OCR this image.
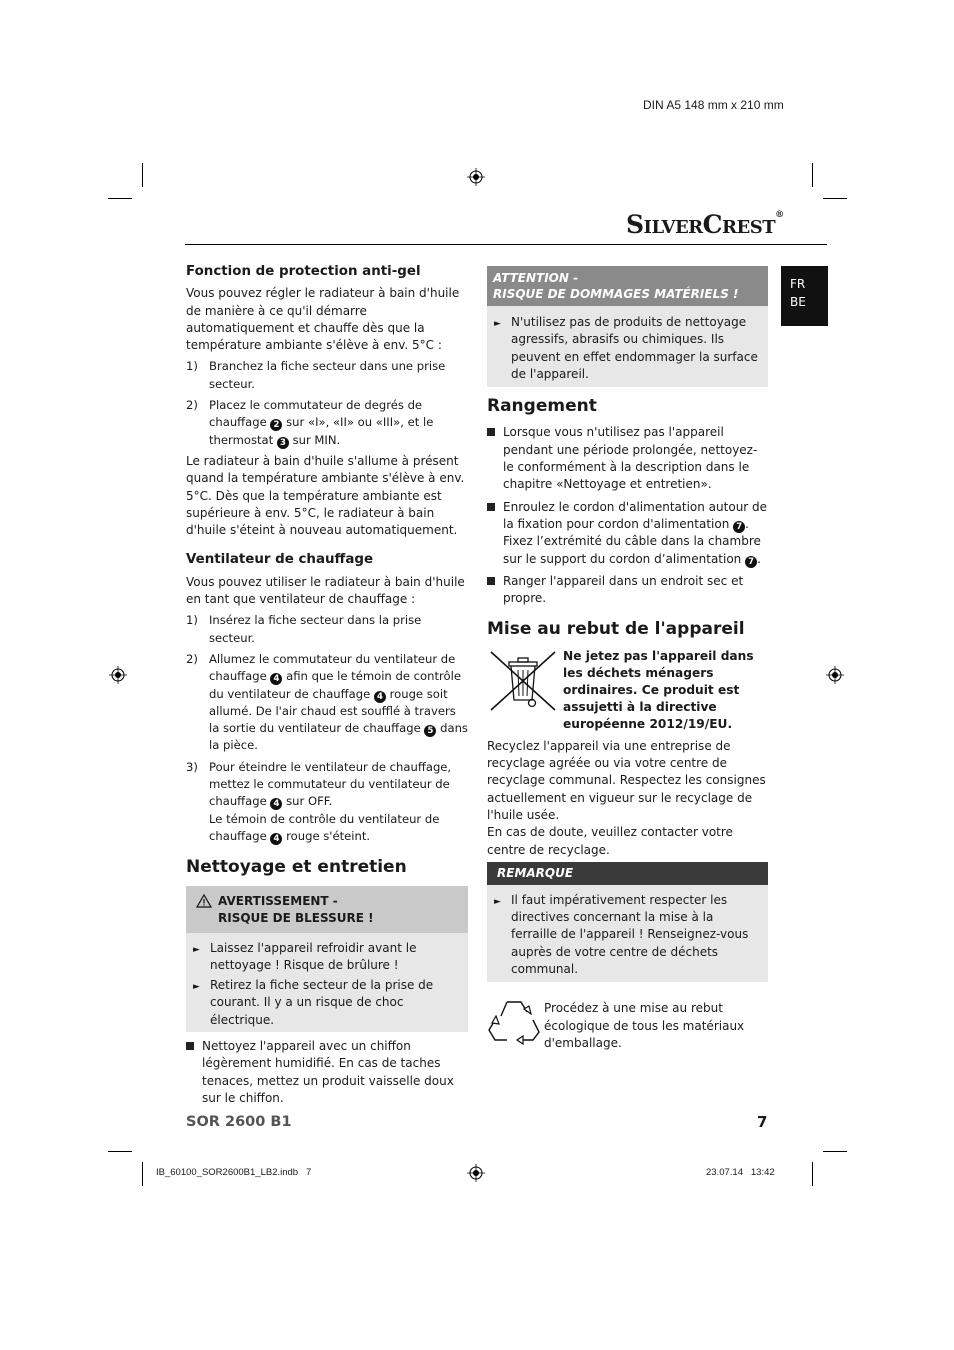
DIN A5 148 mm x 210 mm
SilverCrest®
FR
BE
Fonction de protection anti-gel

Vous pouvez régler le radiateur à bain d'huile de manière à ce qu'il démarre automatiquement et chauffe dès que la température ambiante s'élève à env. 5°C :

1) Branchez la fiche secteur dans une prise secteur.
2) Placez le commutateur de degrés de chauffage 2 sur «I», «II» ou «III», et le thermostat 3 sur MIN.

Le radiateur à bain d'huile s'allume à présent quand la température ambiante s'élève à env. 5°C. Dès que la température ambiante est supérieure à env. 5°C, le radiateur à bain d'huile s'éteint à nouveau automatiquement.

Ventilateur de chauffage

Vous pouvez utiliser le radiateur à bain d'huile en tant que ventilateur de chauffage :

1) Insérez la fiche secteur dans la prise secteur.
2) Allumez le commutateur du ventilateur de chauffage 4 afin que le témoin de contrôle du ventilateur de chauffage 4 rouge soit allumé. De l'air chaud est soufflé à travers la sortie du ventilateur de chauffage 5 dans la pièce.
3) Pour éteindre le ventilateur de chauffage, mettez le commutateur du ventilateur de chauffage 4 sur OFF.
Le témoin de contrôle du ventilateur de chauffage 4 rouge s'éteint.
Nettoyage et entretien
AVERTISSEMENT -
RISQUE DE BLESSURE !
► Laissez l'appareil refroidir avant le nettoyage ! Risque de brûlure !
► Retirez la fiche secteur de la prise de courant. Il y a un risque de choc électrique.
Nettoyez l'appareil avec un chiffon légèrement humidifié. En cas de taches tenaces, mettez un produit vaisselle doux sur le chiffon.
ATTENTION -
RISQUE DE DOMMAGES MATÉRIELS !
► N'utilisez pas de produits de nettoyage agressifs, abrasifs ou chimiques. Ils peuvent en effet endommager la surface de l'appareil.
Rangement
Lorsque vous n'utilisez pas l'appareil pendant une période prolongée, nettoyez-le conformément à la description dans le chapitre «Nettoyage et entretien».
Enroulez le cordon d'alimentation autour de la fixation pour cordon d'alimentation 7 . Fixez l’extrémité du câble dans la chambre sur le support du cordon d’alimentation 7 .
Ranger l'appareil dans un endroit sec et propre.
Mise au rebut de l'appareil

Ne jetez pas l'appareil dans les déchets ménagers ordinaires. Ce produit est assujetti à la directive européenne 2012/19/EU.

Recyclez l'appareil via une entreprise de recyclage agréée ou via votre centre de recyclage communal. Respectez les consignes actuellement en vigueur sur le recyclage de l'huile usée.

En cas de doute, veuillez contacter votre centre de recyclage.

REMARQUE
► Il faut impérativement respecter les directives concernant la mise à la ferraille de l'appareil ! Renseignez-vous auprès de votre centre de déchets communal.

Procédez à une mise au rebut écologique de tous les matériaux d'emballage.

SOR 2600 B1	7
IB_60100_SOR2600B1_LB2.indb   7	23.07.14   13:42
